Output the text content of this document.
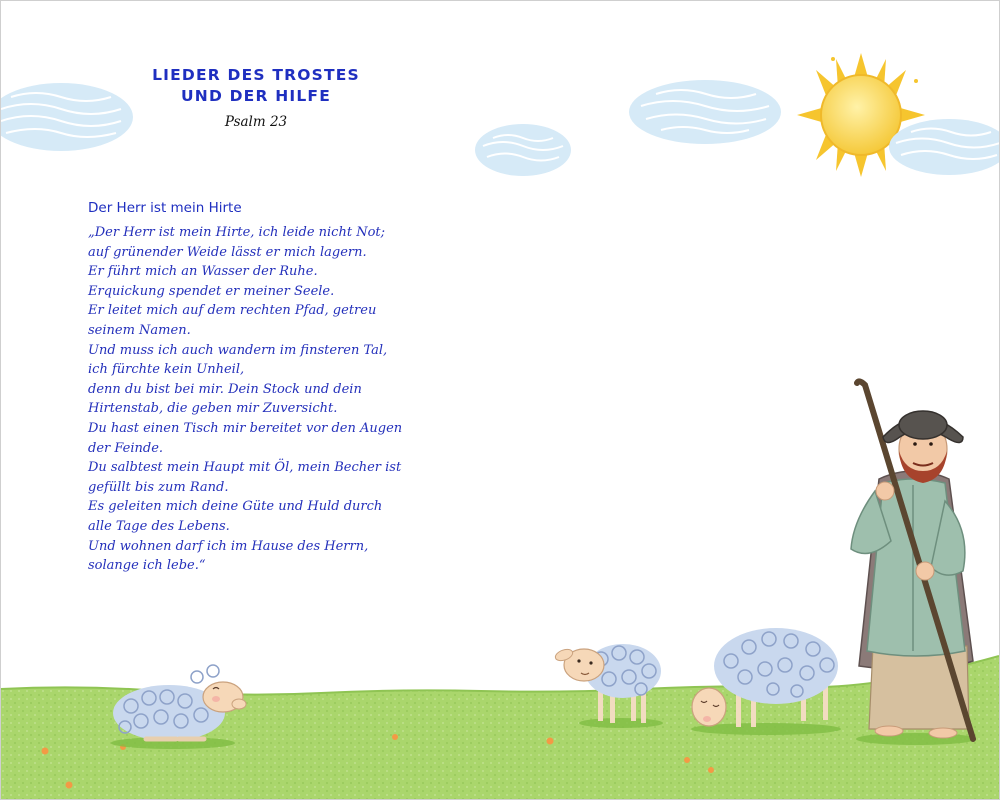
LIEDER DES TROSTES
UND DER HILFE
Psalm 23
Der Herr ist mein Hirte
„Der Herr ist mein Hirte, ich leide nicht Not;
auf grünender Weide lässt er mich lagern.
Er führt mich an Wasser der Ruhe.
Erquickung spendet er meiner Seele.
Er leitet mich auf dem rechten Pfad, getreu
seinem Namen.
Und muss ich auch wandern im finsteren Tal,
ich fürchte kein Unheil,
denn du bist bei mir. Dein Stock und dein
Hirtenstab, die geben mir Zuversicht.
Du hast einen Tisch mir bereitet vor den Augen
der Feinde.
Du salbtest mein Haupt mit Öl, mein Becher ist
gefüllt bis zum Rand.
Es geleiten mich deine Güte und Huld durch
alle Tage des Lebens.
Und wohnen darf ich im Hause des Herrn,
solange ich lebe.“
